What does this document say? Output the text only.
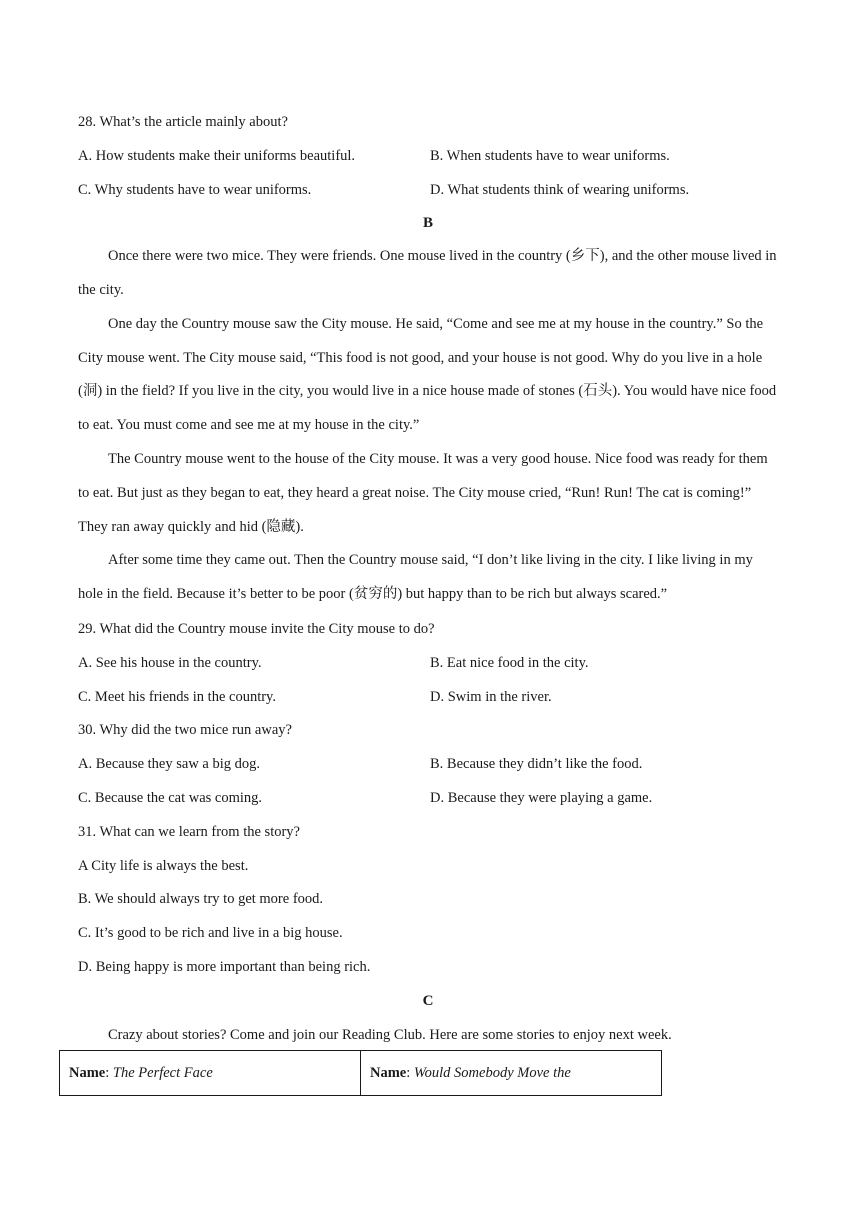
28. What’s the article mainly about?
A. How students make their uniforms beautiful.	B. When students have to wear uniforms.
C. Why students have to wear uniforms.	D. What students think of wearing uniforms.
B

Once there were two mice. They were friends. One mouse lived in the country (乡下), and the other mouse lived in the city.

One day the Country mouse saw the City mouse. He said, “Come and see me at my house in the country.” So the City mouse went. The City mouse said, “This food is not good, and your house is not good. Why do you live in a hole (洞) in the field? If you live in the city, you would live in a nice house made of stones (石头). You would have nice food to eat. You must come and see me at my house in the city.”

The Country mouse went to the house of the City mouse. It was a very good house. Nice food was ready for them to eat. But just as they began to eat, they heard a great noise. The City mouse cried, “Run! Run! The cat is coming!” They ran away quickly and hid (隐藏).

After some time they came out. Then the Country mouse said, “I don’t like living in the city. I like living in my hole in the field. Because it’s better to be poor (贫穷的) but happy than to be rich but always scared.”

29. What did the Country mouse invite the City mouse to do?
A. See his house in the country.	B. Eat nice food in the city.
C. Meet his friends in the country.	D. Swim in the river.
30. Why did the two mice run away?
A. Because they saw a big dog.	B. Because they didn’t like the food.
C. Because the cat was coming.	D. Because they were playing a game.
31. What can we learn from the story?
A City life is always the best.
B. We should always try to get more food.
C. It’s good to be rich and live in a big house.
D. Being happy is more important than being rich.
C
Crazy about stories? Come and join our Reading Club. Here are some stories to enjoy next week.
Name: The Perfect Face	Name: Would Somebody Move the
